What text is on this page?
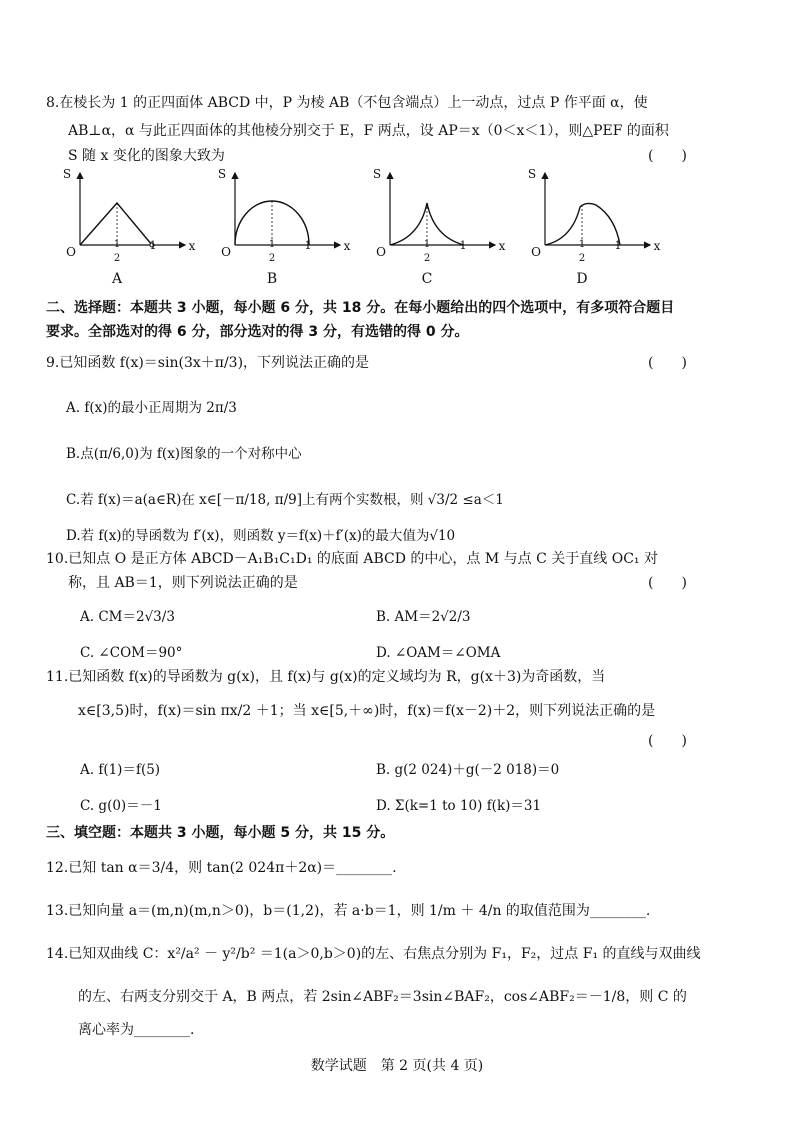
8.在棱长为 1 的正四面体 ABCD 中，P 为棱 AB（不包含端点）上一动点，过点 P 作平面 α，使
AB⊥α，α 与此正四面体的其他棱分别交于 E，F 两点，设 AP＝x（0＜x＜1），则△PEF 的面积
S 随 x 变化的图象大致为	(　　)
S
x
O
1
2
1
A
S
x
O
1
2
1
B
S
x
O
1
2
1
C
S
x
O
1
2
1
D
二、选择题：本题共 3 小题，每小题 6 分，共 18 分。在每小题给出的四个选项中，有多项符合题目
要求。全部选对的得 6 分，部分选对的得 3 分，有选错的得 0 分。
9.已知函数 f(x)＝sin(3x＋π/3)，下列说法正确的是	(　　)
A. f(x)的最小正周期为 2π/3
B.点(π/6,0)为 f(x)图象的一个对称中心
C.若 f(x)＝a(a∈R)在 x∈[－π/18, π/9]上有两个实数根，则 √3/2 ≤a＜1
D.若 f(x)的导函数为 f′(x)，则函数 y＝f(x)＋f′(x)的最大值为√10
10.已知点 O 是正方体 ABCD－A₁B₁C₁D₁ 的底面 ABCD 的中心，点 M 与点 C 关于直线 OC₁ 对
称，且 AB＝1，则下列说法正确的是	(　　)
A. CM＝2√3/3	B. AM＝2√2/3
C. ∠COM＝90°	D. ∠OAM＝∠OMA
11.已知函数 f(x)的导函数为 g(x)，且 f(x)与 g(x)的定义域均为 R，g(x＋3)为奇函数，当
x∈[3,5)时，f(x)＝sin πx/2 ＋1；当 x∈[5,＋∞)时，f(x)＝f(x－2)＋2，则下列说法正确的是
(　　)
A. f(1)＝f(5)	B. g(2 024)＋g(－2 018)＝0
C. g(0)＝－1	D. Σ(k=1 to 10) f(k)＝31
三、填空题：本题共 3 小题，每小题 5 分，共 15 分。
12.已知 tan α＝3/4，则 tan(2 024π＋2α)＝________.
13.已知向量 a＝(m,n)(m,n＞0)，b＝(1,2)，若 a·b＝1，则 1/m ＋ 4/n 的取值范围为________.
14.已知双曲线 C：x²/a² － y²/b² ＝1(a＞0,b＞0)的左、右焦点分别为 F₁，F₂，过点 F₁ 的直线与双曲线
的左、右两支分别交于 A，B 两点，若 2sin∠ABF₂＝3sin∠BAF₂，cos∠ABF₂＝－1/8，则 C 的
离心率为________.
数学试题　第 2 页(共 4 页)
